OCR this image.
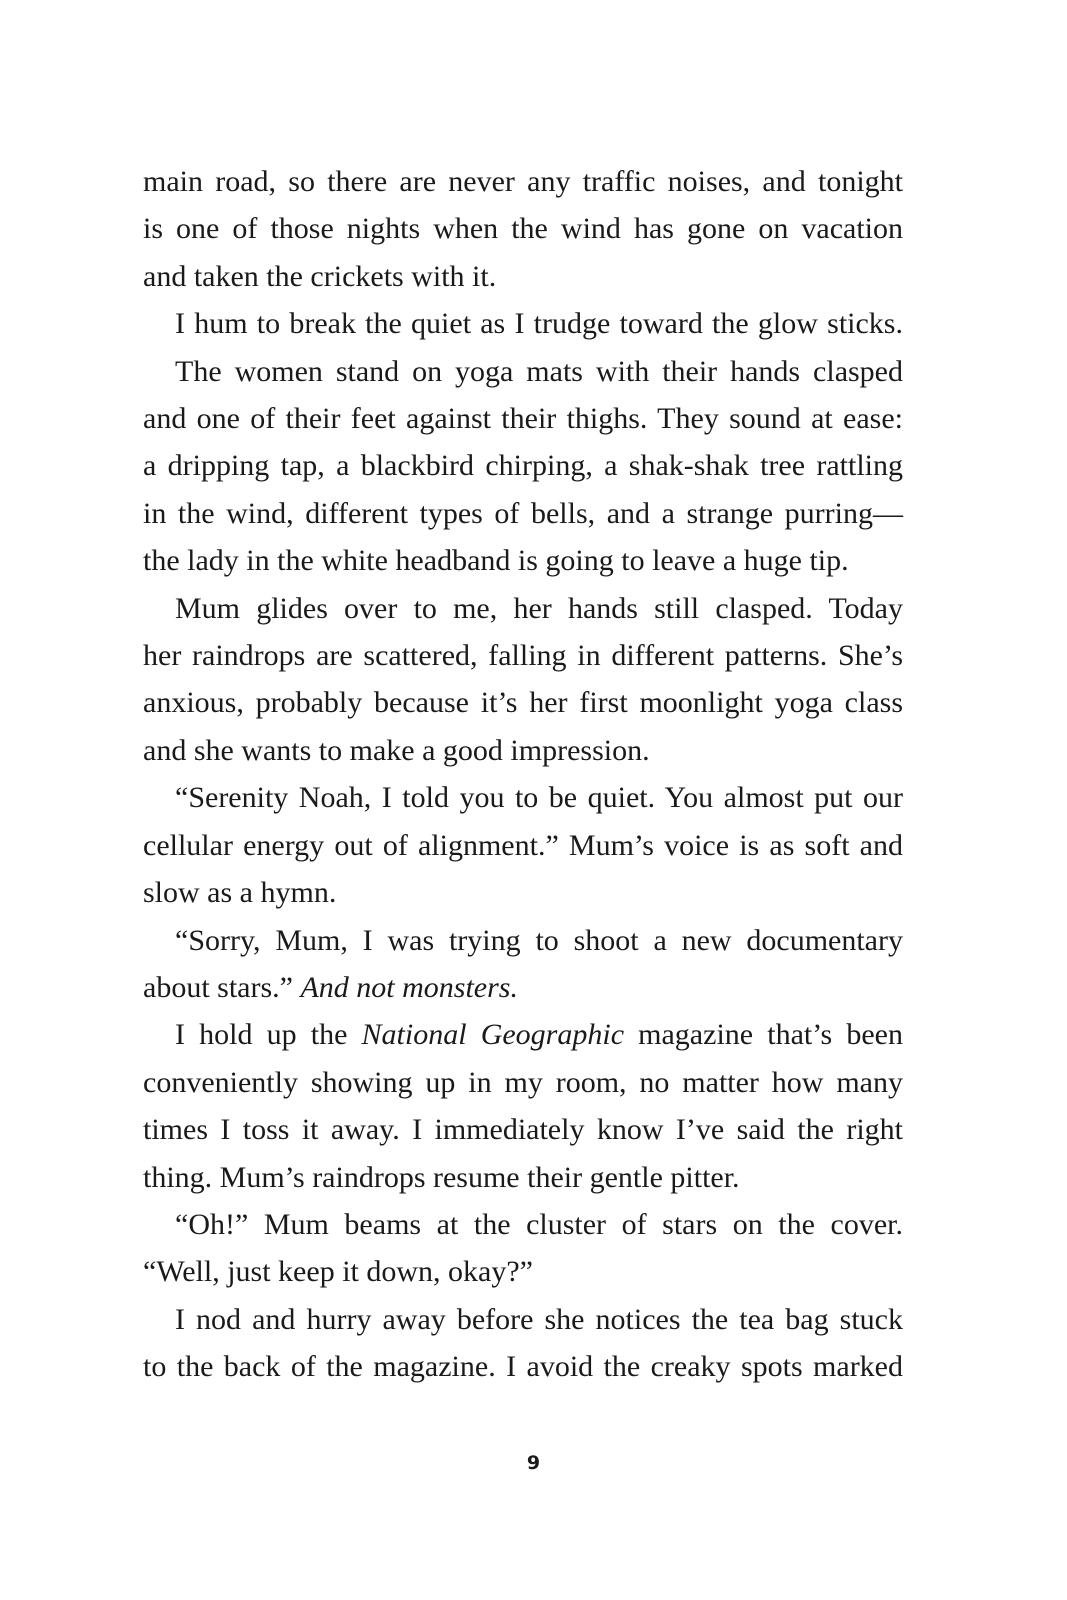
main road, so there are never any traffic noises, and tonight
is one of those nights when the wind has gone on vacation
and taken the crickets with it.
I hum to break the quiet as I trudge toward the glow sticks.
The women stand on yoga mats with their hands clasped
and one of their feet against their thighs. They sound at ease:
a dripping tap, a blackbird chirping, a shak-shak tree rattling
in the wind, different types of bells, and a strange purring—
the lady in the white headband is going to leave a huge tip.
Mum glides over to me, her hands still clasped. Today
her raindrops are scattered, falling in different patterns. She’s
anxious, probably because it’s her first moonlight yoga class
and she wants to make a good impression.
“Serenity Noah, I told you to be quiet. You almost put our
cellular energy out of alignment.” Mum’s voice is as soft and
slow as a hymn.
“Sorry, Mum, I was trying to shoot a new documentary
about stars.” And not monsters.
I hold up the National Geographic magazine that’s been
conveniently showing up in my room, no matter how many
times I toss it away. I immediately know I’ve said the right
thing. Mum’s raindrops resume their gentle pitter.
“Oh!” Mum beams at the cluster of stars on the cover.
“Well, just keep it down, okay?”
I nod and hurry away before she notices the tea bag stuck
to the back of the magazine. I avoid the creaky spots marked
9
